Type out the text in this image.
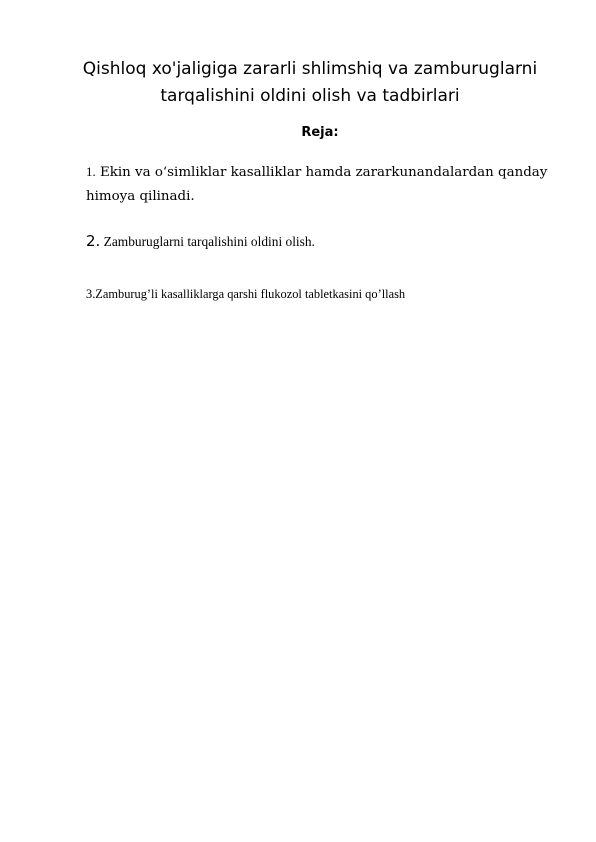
Qishloq xo'jaligiga zararli shlimshiq va zamburuglarni tarqalishini oldini olish va tadbirlari

Reja:

1. Ekin va o‘simliklar kasalliklar hamda zararkunandalardan qanday himoya qilinadi.

2. Zamburuglarni tarqalishini oldini olish.

3.Zamburug’li kasalliklarga qarshi flukozol tabletkasini qo’llash
